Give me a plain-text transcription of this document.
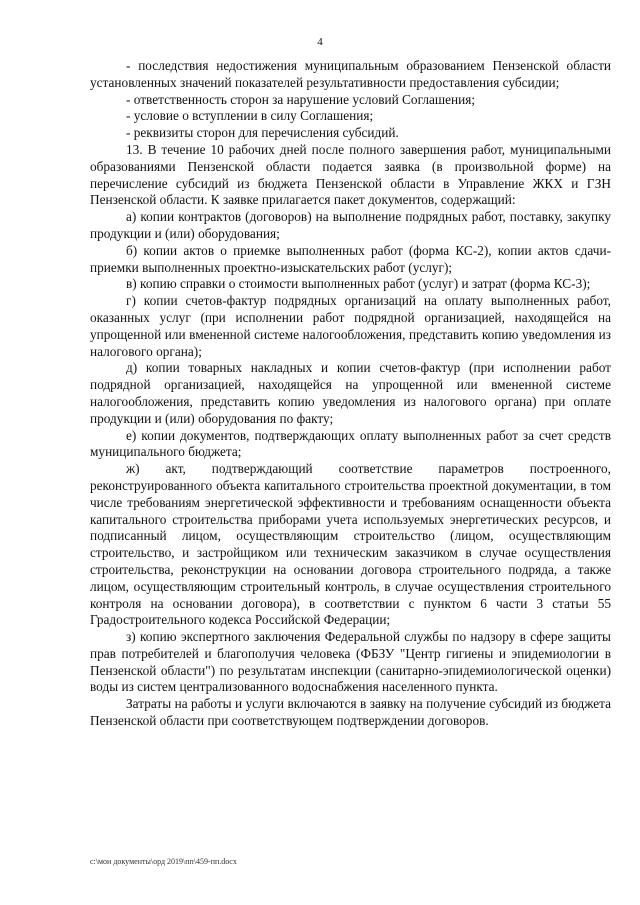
4

- последствия недостижения муниципальным образованием Пензенской области установленных значений показателей результативности предоставления субсидии;

- ответственность сторон за нарушение условий Соглашения;

- условие о вступлении в силу Соглашения;

- реквизиты сторон для перечисления субсидий.

13. В течение 10 рабочих дней после полного завершения работ, муниципальными образованиями Пензенской области подается заявка (в произвольной форме) на перечисление субсидий из бюджета Пензенской области в Управление ЖКХ и ГЗН Пензенской области. К заявке прилагается пакет документов, содержащий:

а) копии контрактов (договоров) на выполнение подрядных работ, поставку, закупку продукции и (или) оборудования;

б) копии актов о приемке выполненных работ (форма КС-2), копии актов сдачи-приемки выполненных проектно-изыскательских работ (услуг);

в) копию справки о стоимости выполненных работ (услуг) и затрат (форма КС-3);

г) копии счетов-фактур подрядных организаций на оплату выполненных работ, оказанных услуг (при исполнении работ подрядной организацией, находящейся на упрощенной или вмененной системе налогообложения, представить копию уведомления из налогового органа);

д) копии товарных накладных и копии счетов-фактур (при исполнении работ подрядной организацией, находящейся на упрощенной или вмененной системе налогообложения, представить копию уведомления из налогового органа) при оплате продукции и (или) оборудования по факту;

е) копии документов, подтверждающих оплату выполненных работ за счет средств муниципального бюджета;

ж) акт, подтверждающий соответствие параметров построенного, реконструированного объекта капитального строительства проектной документации, в том числе требованиям энергетической эффективности и требованиям оснащенности объекта капитального строительства приборами учета используемых энергетических ресурсов, и подписанный лицом, осуществляющим строительство (лицом, осуществляющим строительство, и застройщиком или техническим заказчиком в случае осуществления строительства, реконструкции на основании договора строительного подряда, а также лицом, осуществляющим строительный контроль, в случае осуществления строительного контроля на основании договора), в соответствии с пунктом 6 части 3 статьи 55 Градостроительного кодекса Российской Федерации;

з) копию экспертного заключения Федеральной службы по надзору в сфере защиты прав потребителей и благополучия человека (ФБЗУ "Центр гигиены и эпидемиологии в Пензенской области") по результатам инспекции (санитарно-эпидемиологической оценки) воды из систем централизованного водоснабжения населенного пункта.

Затраты на работы и услуги включаются в заявку на получение субсидий из бюджета Пензенской области при соответствующем подтверждении договоров.

c:\мои документы\орд 2019\пп\459-пп.docx
